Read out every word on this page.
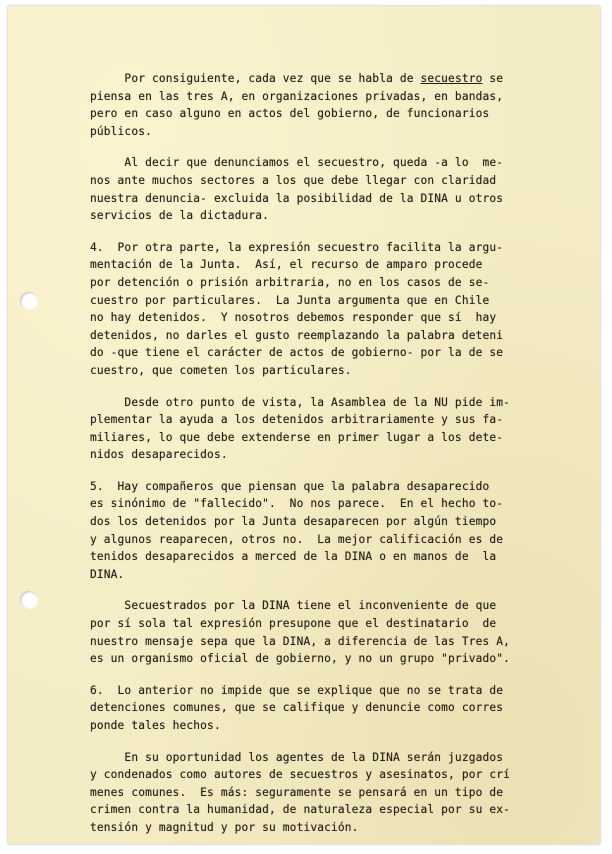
Por consiguiente, cada vez que se habla de secuestro se
piensa en las tres A, en organizaciones privadas, en bandas,
pero en caso alguno en actos del gobierno, de funcionarios
públicos.
Al decir que denunciamos el secuestro, queda -a lo  me-
nos ante muchos sectores a los que debe llegar con claridad
nuestra denuncia- excluida la posibilidad de la DINA u otros
servicios de la dictadura.
4.  Por otra parte, la expresión secuestro facilita la argu-
mentación de la Junta.  Así, el recurso de amparo procede
por detención o prisión arbitraria, no en los casos de se-
cuestro por particulares.  La Junta argumenta que en Chile
no hay detenidos.  Y nosotros debemos responder que sí  hay
detenidos, no darles el gusto reemplazando la palabra deteni
do -que tiene el carácter de actos de gobierno- por la de se
cuestro, que cometen los particulares.
Desde otro punto de vista, la Asamblea de la NU pide im-
plementar la ayuda a los detenidos arbitrariamente y sus fa-
miliares, lo que debe extenderse en primer lugar a los dete-
nidos desaparecidos.
5.  Hay compañeros que piensan que la palabra desaparecido
es sinónimo de "fallecido".  No nos parece.  En el hecho to-
dos los detenidos por la Junta desaparecen por algún tiempo
y algunos reaparecen, otros no.  La mejor calificación es de
tenidos desaparecidos a merced de la DINA o en manos de  la
DINA.
Secuestrados por la DINA tiene el inconveniente de que
por sí sola tal expresión presupone que el destinatario  de
nuestro mensaje sepa que la DINA, a diferencia de las Tres A,
es un organismo oficial de gobierno, y no un grupo "privado".
6.  Lo anterior no impide que se explique que no se trata de
detenciones comunes, que se califique y denuncie como corres
ponde tales hechos.
En su oportunidad los agentes de la DINA serán juzgados
y condenados como autores de secuestros y asesinatos, por crí
menes comunes.  Es más: seguramente se pensará en un tipo de
crimen contra la humanidad, de naturaleza especial por su ex-
tensión y magnitud y por su motivación.
